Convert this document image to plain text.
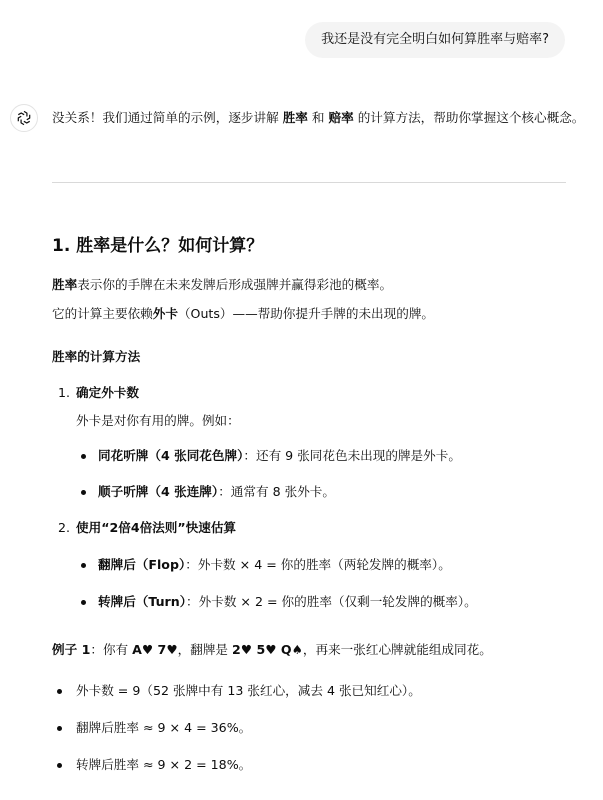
我还是没有完全明白如何算胜率与赔率?
没关系！我们通过简单的示例，逐步讲解 胜率 和 赔率 的计算方法，帮助你掌握这个核心概念。
1. 胜率是什么？如何计算？
胜率表示你的手牌在未来发牌后形成强牌并赢得彩池的概率。
它的计算主要依赖外卡（Outs）——帮助你提升手牌的未出现的牌。
胜率的计算方法
1. 确定外卡数
外卡是对你有用的牌。例如：
同花听牌（4 张同花色牌）：还有 9 张同花色未出现的牌是外卡。
顺子听牌（4 张连牌）：通常有 8 张外卡。
2. 使用“2倍4倍法则”快速估算
翻牌后（Flop）：外卡数 × 4 = 你的胜率（两轮发牌的概率）。
转牌后（Turn）：外卡数 × 2 = 你的胜率（仅剩一轮发牌的概率）。
例子 1：你有 A♥ 7♥，翻牌是 2♥ 5♥ Q♠，再来一张红心牌就能组成同花。
外卡数 = 9（52 张牌中有 13 张红心，减去 4 张已知红心）。
翻牌后胜率 ≈ 9 × 4 = 36%。
转牌后胜率 ≈ 9 × 2 = 18%。
